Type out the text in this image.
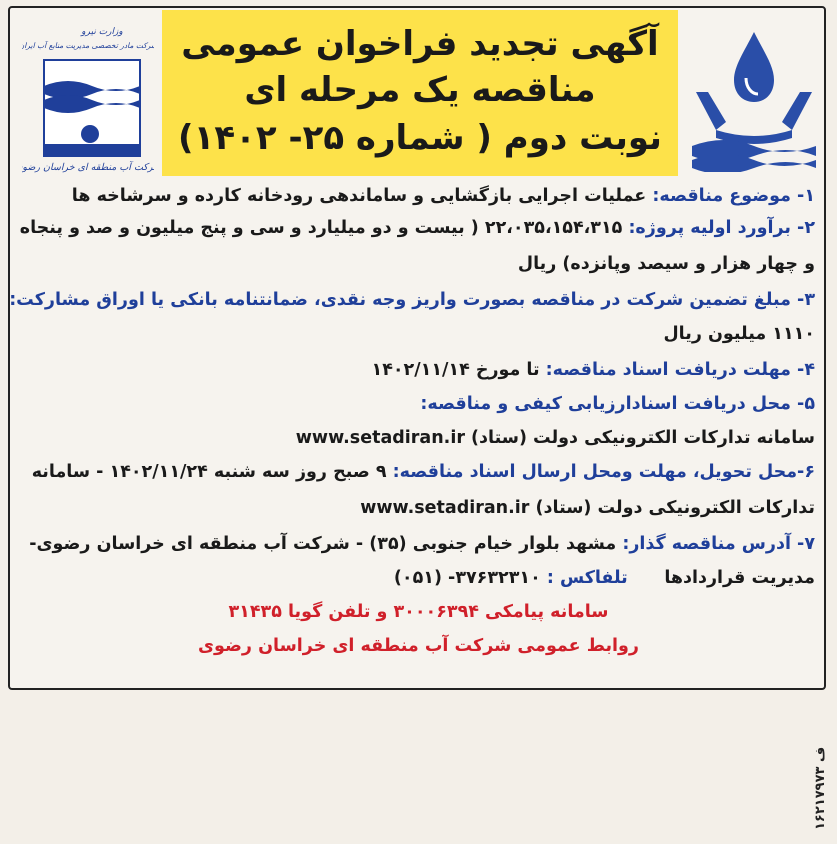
آگهی تجدید فراخوان عمومی
مناقصه یک مرحله ای
نوبت دوم ( شماره ۲۵- ۱۴۰۲)
وزارت نیرو
شرکت مادر تخصصی مدیریت منابع آب ایران
شرکت آب منطقه ای خراسان رضوی
۱- موضوع مناقصه: عملیات اجرایی بازگشایی و ساماندهی رودخانه کارده و سرشاخه ها
۲- برآورد اولیه پروژه: ۲۲،۰۳۵،۱۵۴،۳۱۵ ( بیست و دو میلیارد و سی و پنج میلیون و صد و پنجاه
و چهار هزار و سیصد وپانزده) ریال
۳- مبلغ تضمین شرکت در مناقصه بصورت واریز وجه نقدی، ضمانتنامه بانکی یا اوراق مشارکت:
۱۱۱۰ میلیون ریال
۴- مهلت دریافت اسناد مناقصه: تا مورخ ۱۴۰۲/۱۱/۱۴
۵- محل دریافت اسنادارزیابی کیفی و مناقصه:
سامانه تداركات الكترونيكی دولت (ستاد) www.setadiran.ir
۶-محل تحویل، مهلت ومحل ارسال اسناد مناقصه: ۹ صبح روز سه شنبه ۱۴۰۲/۱۱/۲۴ - سامانه
تدارکات الکترونیکی دولت (ستاد) www.setadiran.ir
۷- آدرس مناقصه گذار: مشهد بلوار خیام جنوبی (۳۵) - شرکت آب منطقه ای خراسان رضوی-
مدیریت قراردادها      تلفاکس : ۳۷۶۳۲۳۱۰- (۰۵۱)
سامانه پیامکی ۳۰۰۰۶۳۹۴ و تلفن گویا ۳۱۴۳۵
روابط عمومی شرکت آب منطقه ای خراسان رضوی
ف ۱۶۲۱۷۹۷۳
